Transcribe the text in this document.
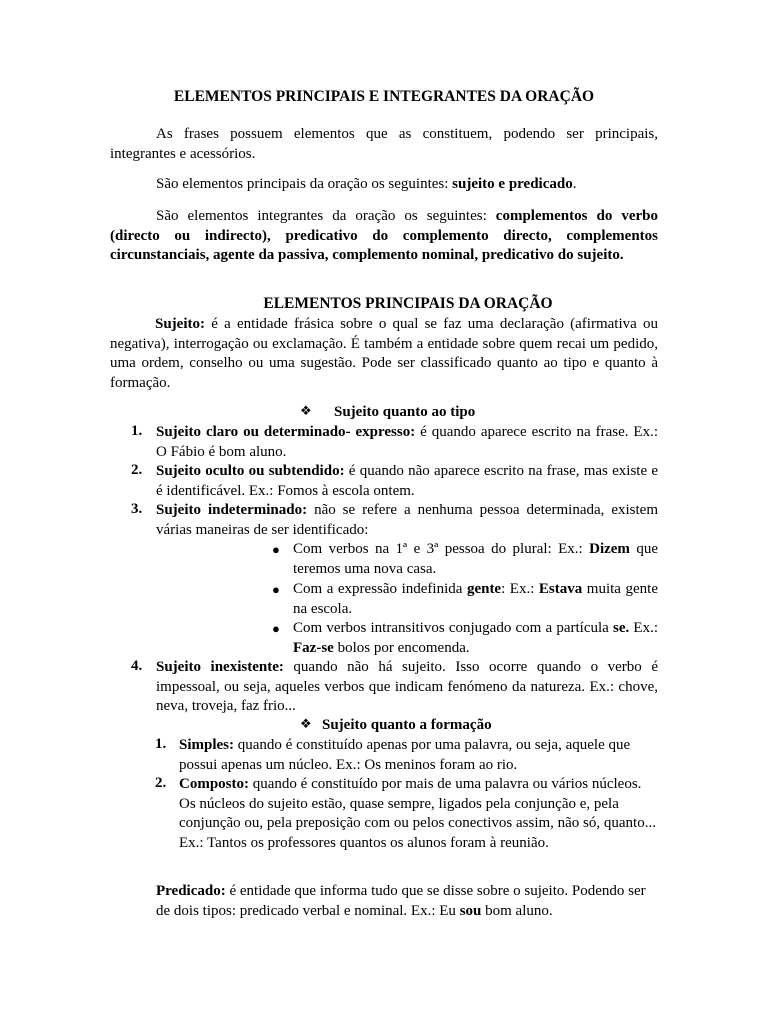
ELEMENTOS PRINCIPAIS E INTEGRANTES DA ORAÇÃO
As frases possuem elementos que as constituem, podendo ser principais, integrantes e acessórios.
São elementos principais da oração os seguintes: sujeito e predicado.
São elementos integrantes da oração os seguintes: complementos do verbo (directo ou indirecto), predicativo do complemento directo, complementos circunstanciais, agente da passiva, complemento nominal, predicativo do sujeito.
ELEMENTOS PRINCIPAIS DA ORAÇÃO
Sujeito: é a entidade frásica sobre o qual se faz uma declaração (afirmativa ou negativa), interrogação ou exclamação. É também a entidade sobre quem recai um pedido, uma ordem, conselho ou uma sugestão. Pode ser classificado quanto ao tipo e quanto à formação.
❖ Sujeito quanto ao tipo
1. Sujeito claro ou determinado- expresso: é quando aparece escrito na frase. Ex.: O Fábio é bom aluno.
2. Sujeito oculto ou subtendido: é quando não aparece escrito na frase, mas existe e é identificável. Ex.: Fomos à escola ontem.
3. Sujeito indeterminado: não se refere a nenhuma pessoa determinada, existem várias maneiras de ser identificado:
● Com verbos na 1ª e 3ª pessoa do plural: Ex.: Dizem que teremos uma nova casa.
● Com a expressão indefinida gente: Ex.: Estava muita gente na escola.
● Com verbos intransitivos conjugado com a partícula se. Ex.: Faz-se bolos por encomenda.
4. Sujeito inexistente: quando não há sujeito. Isso ocorre quando o verbo é impessoal, ou seja, aqueles verbos que indicam fenómeno da natureza. Ex.: chove, neva, troveja, faz frio...
❖ Sujeito quanto a formação
1. Simples: quando é constituído apenas por uma palavra, ou seja, aquele que possui apenas um núcleo. Ex.: Os meninos foram ao rio.
2. Composto: quando é constituído por mais de uma palavra ou vários núcleos. Os núcleos do sujeito estão, quase sempre, ligados pela conjunção e, pela conjunção ou, pela preposição com ou pelos conectivos assim, não só, quanto... Ex.: Tantos os professores quantos os alunos foram à reunião.
Predicado: é entidade que informa tudo que se disse sobre o sujeito. Podendo ser de dois tipos: predicado verbal e nominal. Ex.: Eu sou bom aluno.
